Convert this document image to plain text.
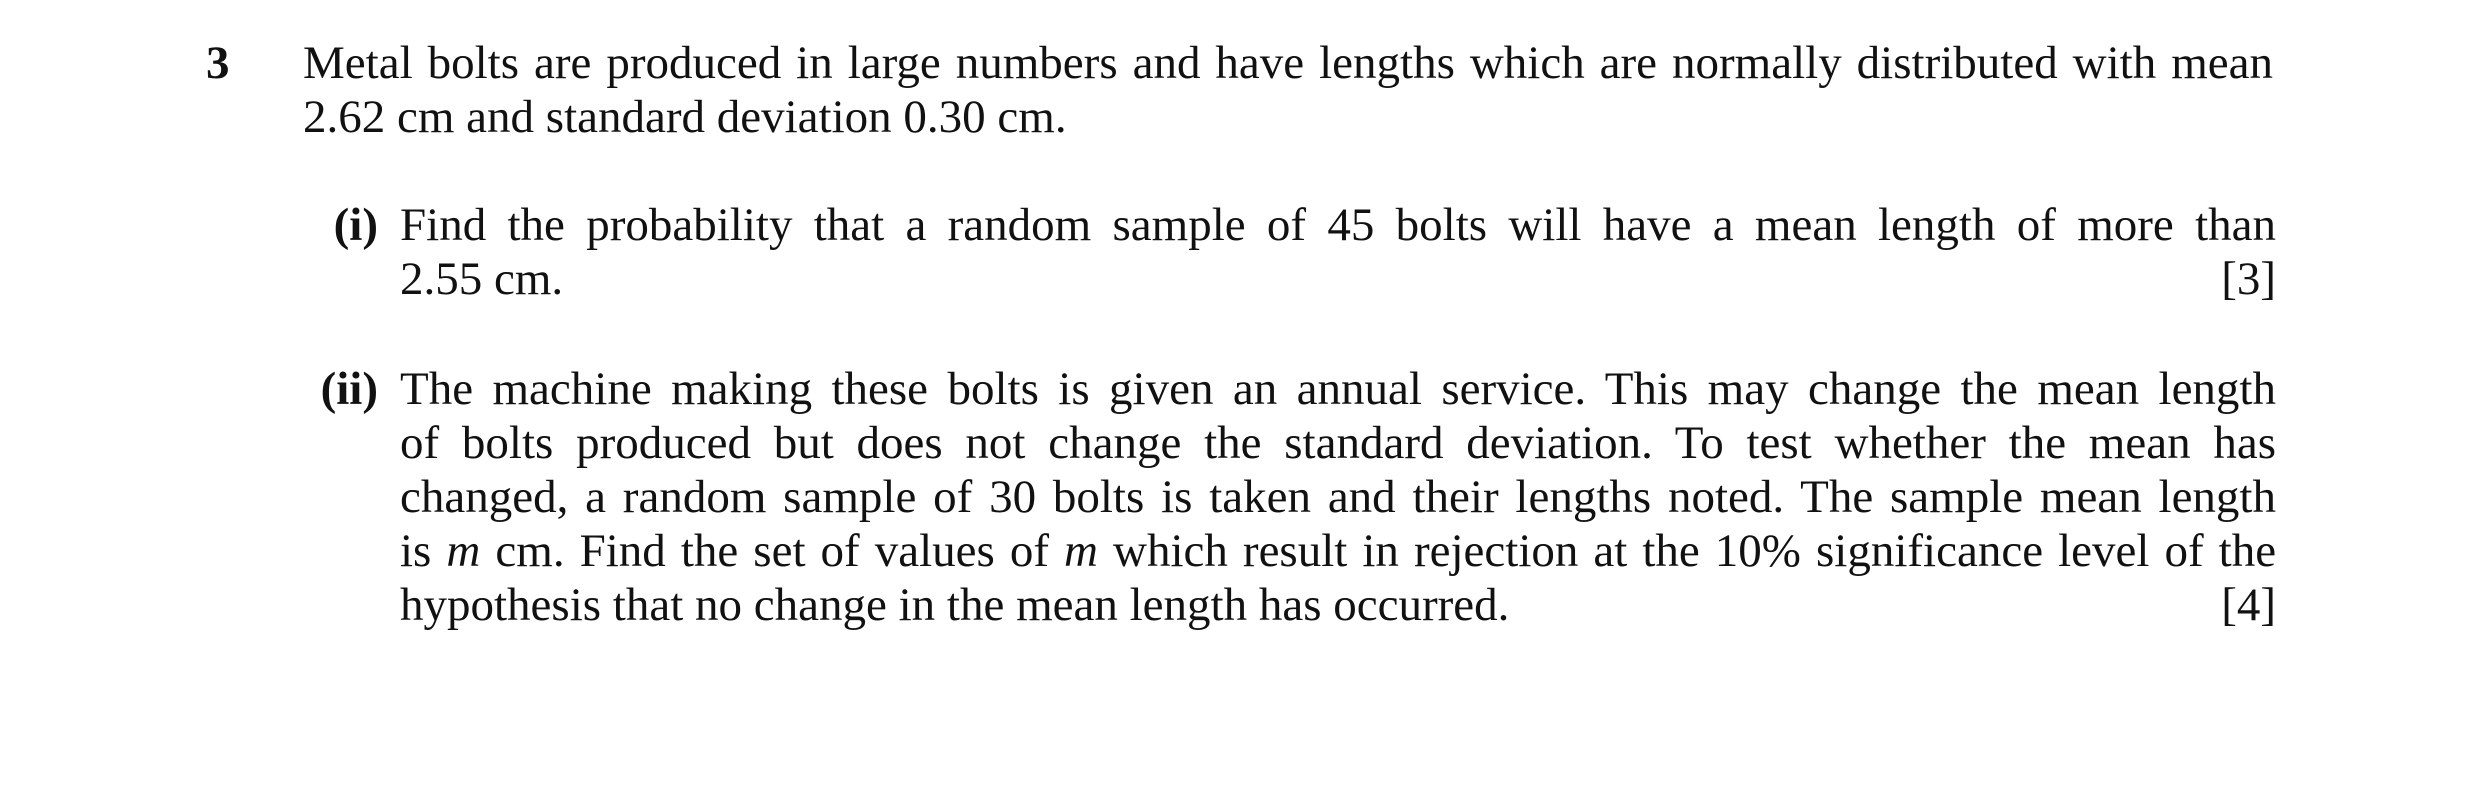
3 Metal bolts are produced in large numbers and have lengths which are normally distributed with mean
2.62 cm and standard deviation 0.30 cm.
(i) Find the probability that a random sample of 45 bolts will have a mean length of more than
2.55 cm.	[3]
(ii) The machine making these bolts is given an annual service. This may change the mean length
of bolts produced but does not change the standard deviation. To test whether the mean has
changed, a random sample of 30 bolts is taken and their lengths noted. The sample mean length
is m cm. Find the set of values of m which result in rejection at the 10% significance level of the
hypothesis that no change in the mean length has occurred.	[4]
